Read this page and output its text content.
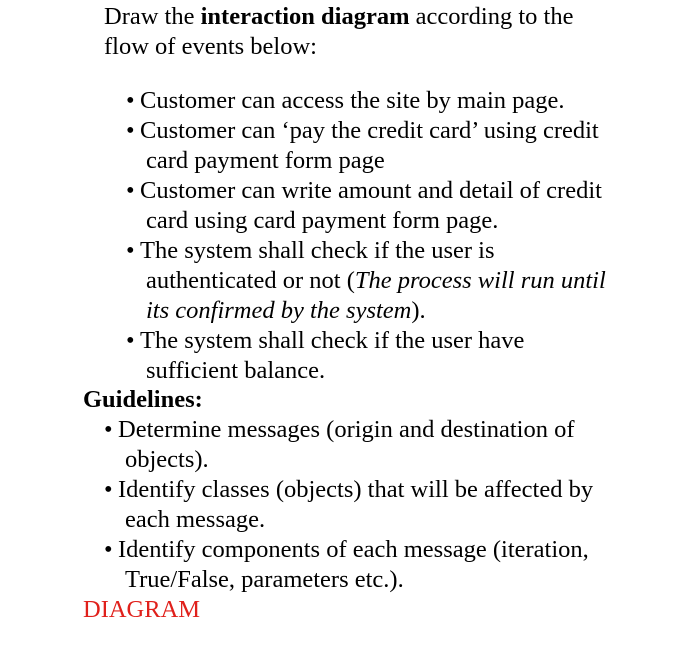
Draw the interaction diagram according to the
flow of events below:
• Customer can access the site by main page.
• Customer can ‘pay the credit card’ using credit
card payment form page
• Customer can write amount and detail of credit
card using card payment form page.
• The system shall check if the user is
authenticated or not (The process will run until
its confirmed by the system).
• The system shall check if the user have
sufficient balance.
Guidelines:
• Determine messages (origin and destination of
objects).
• Identify classes (objects) that will be affected by
each message.
• Identify components of each message (iteration,
True/False, parameters etc.).
DIAGRAM
